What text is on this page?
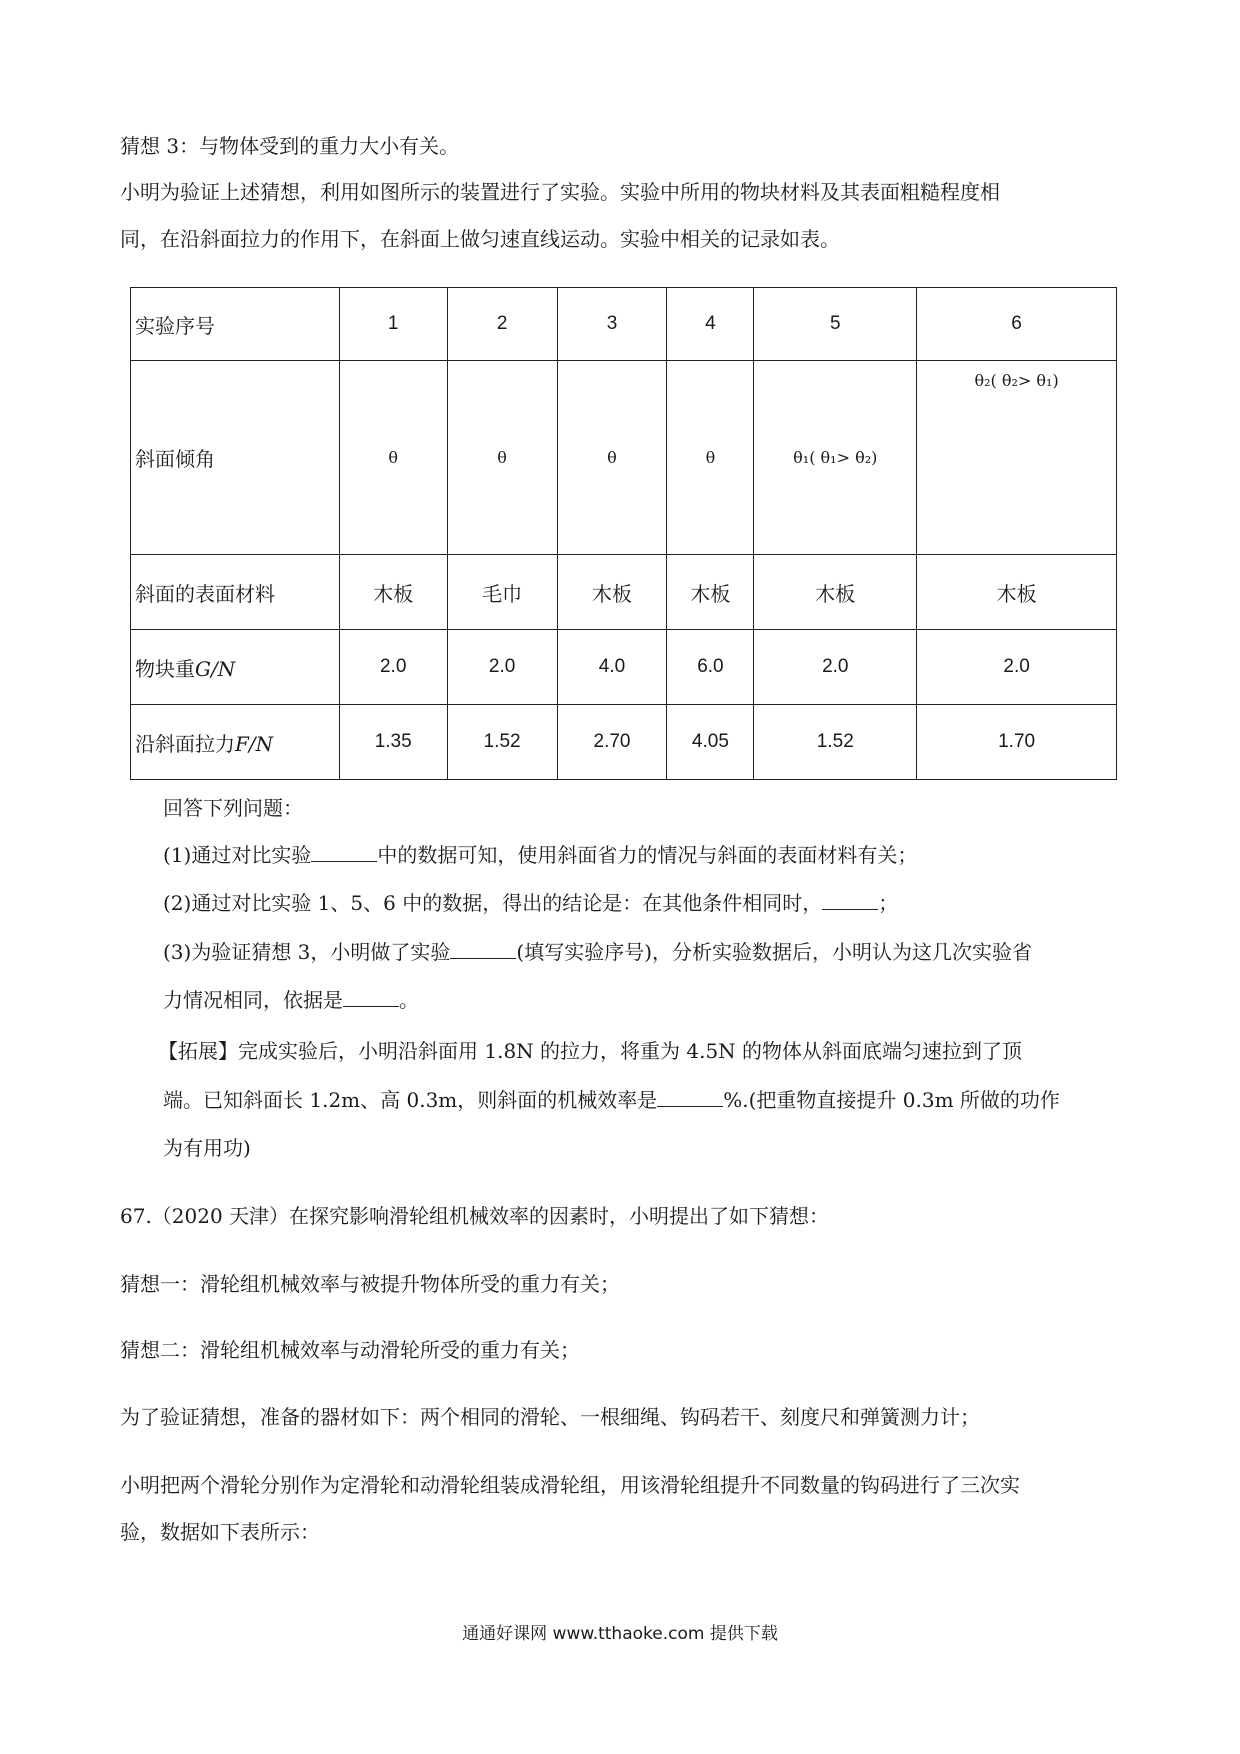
猜想 3：与物体受到的重力大小有关。
小明为验证上述猜想，利用如图所示的装置进行了实验。实验中所用的物块材料及其表面粗糙程度相
同，在沿斜面拉力的作用下，在斜面上做匀速直线运动。实验中相关的记录如表。
实验序号	1	2	3	4	5	6
斜面倾角	θ	θ	θ	θ	θ₁( θ₁> θ₂)	θ₂( θ₂> θ₁)
斜面的表面材料	木板	毛巾	木板	木板	木板	木板
物块重G/N	2.0	2.0	4.0	6.0	2.0	2.0
沿斜面拉力F/N	1.35	1.52	2.70	4.05	1.52	1.70
回答下列问题：
(1)通过对比实验	中的数据可知，使用斜面省力的情况与斜面的表面材料有关；
(2)通过对比实验 1、5、6 中的数据，得出的结论是：在其他条件相同时，	；
(3)为验证猜想 3，小明做了实验	(填写实验序号)，分析实验数据后，小明认为这几次实验省
力情况相同，依据是	。
【拓展】完成实验后，小明沿斜面用 1.8N 的拉力，将重为 4.5N 的物体从斜面底端匀速拉到了顶
端。已知斜面长 1.2m、高 0.3m，则斜面的机械效率是	%.(把重物直接提升 0.3m 所做的功作
为有用功)
67.（2020 天津）在探究影响滑轮组机械效率的因素时，小明提出了如下猜想：
猜想一：滑轮组机械效率与被提升物体所受的重力有关；
猜想二：滑轮组机械效率与动滑轮所受的重力有关；
为了验证猜想，准备的器材如下：两个相同的滑轮、一根细绳、钩码若干、刻度尺和弹簧测力计；
小明把两个滑轮分别作为定滑轮和动滑轮组装成滑轮组，用该滑轮组提升不同数量的钩码进行了三次实
验，数据如下表所示：
通通好课网 www.tthaoke.com 提供下载
